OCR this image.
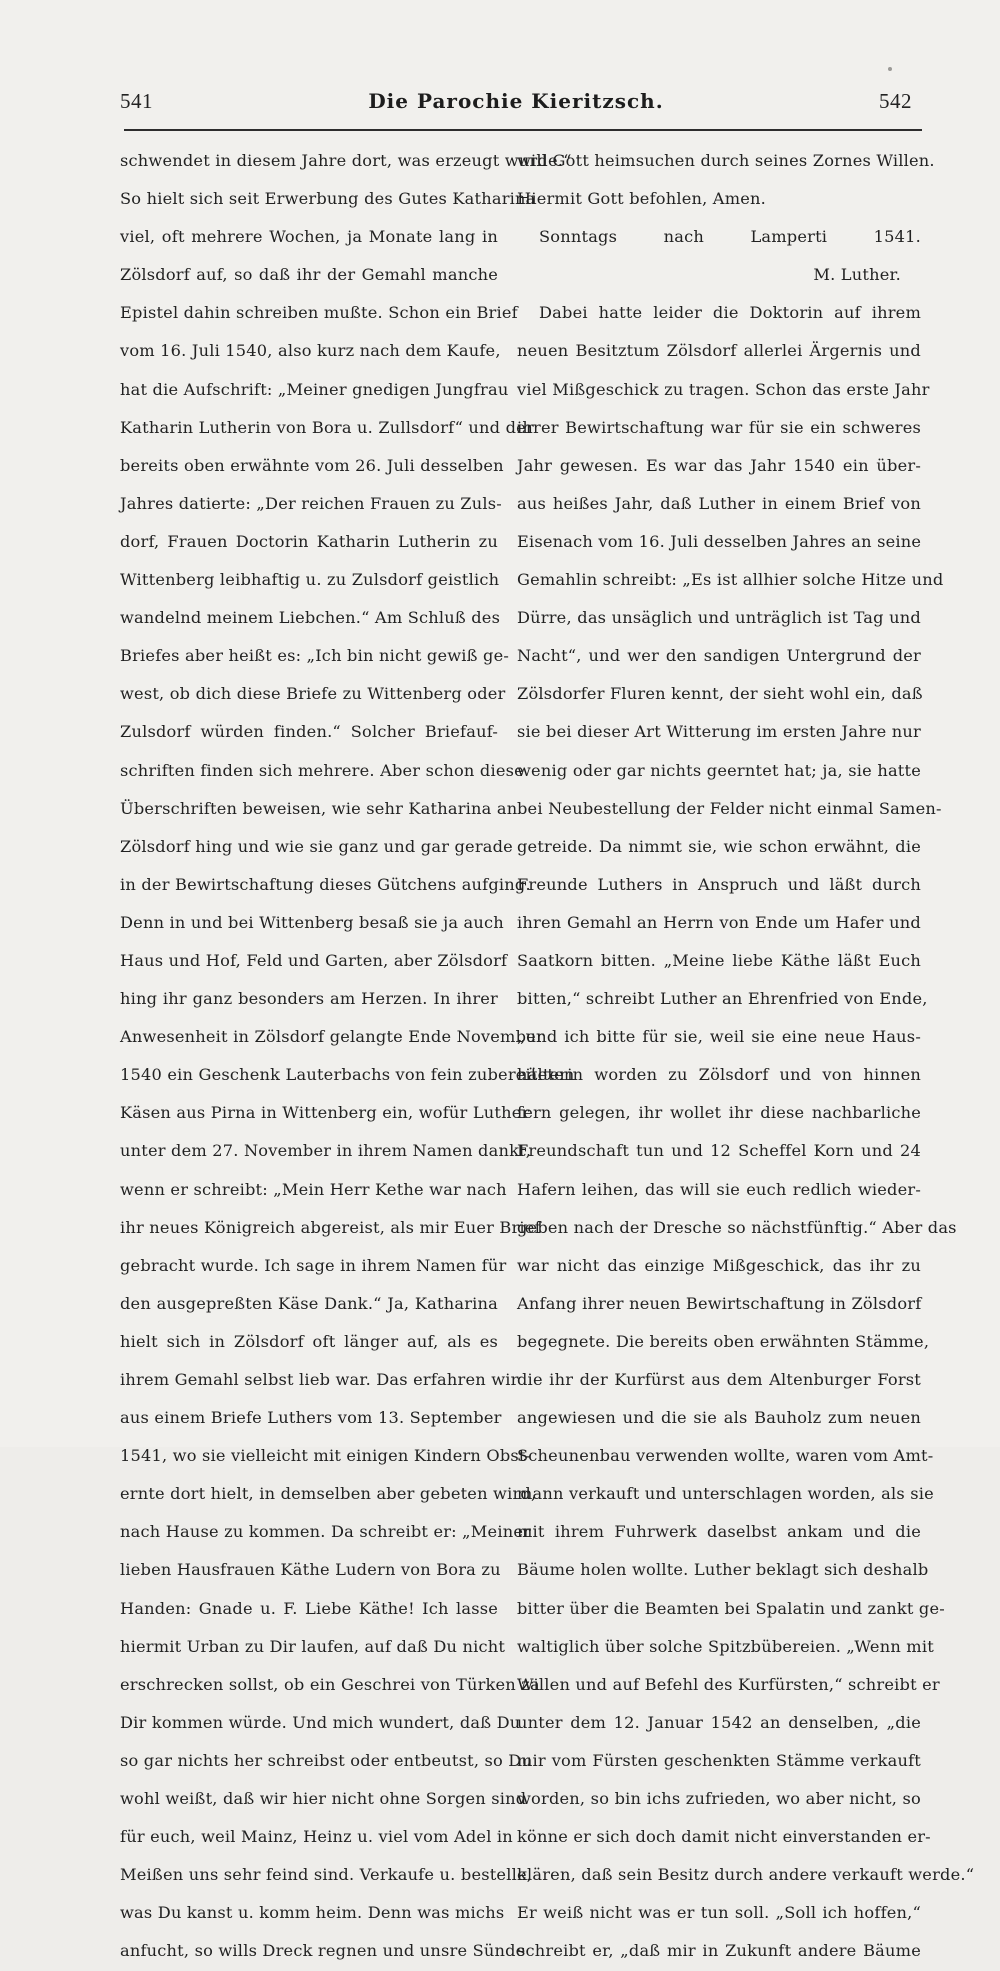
541	Die Parochie Kieritzsch.	542
schwendet in diesem Jahre dort, was erzeugt wurde.“
So hielt sich seit Erwerbung des Gutes Katharina
viel, oft mehrere Wochen, ja Monate lang in
Zölsdorf auf, so daß ihr der Gemahl manche
Epistel dahin schreiben mußte. Schon ein Brief
vom 16. Juli 1540, also kurz nach dem Kaufe,
hat die Aufschrift: „Meiner gnedigen Jungfrau
Katharin Lutherin von Bora u. Zullsdorf“ und der
bereits oben erwähnte vom 26. Juli desselben
Jahres datierte: „Der reichen Frauen zu Zuls-
dorf, Frauen Doctorin Katharin Lutherin zu
Wittenberg leibhaftig u. zu Zulsdorf geistlich
wandelnd meinem Liebchen.“ Am Schluß des
Briefes aber heißt es: „Ich bin nicht gewiß ge-
west, ob dich diese Briefe zu Wittenberg oder
Zulsdorf würden finden.“ Solcher Briefauf-
schriften finden sich mehrere. Aber schon diese
Überschriften beweisen, wie sehr Katharina an
Zölsdorf hing und wie sie ganz und gar gerade
in der Bewirtschaftung dieses Gütchens aufging.
Denn in und bei Wittenberg besaß sie ja auch
Haus und Hof, Feld und Garten, aber Zölsdorf
hing ihr ganz besonders am Herzen. In ihrer
Anwesenheit in Zölsdorf gelangte Ende November
1540 ein Geschenk Lauterbachs von fein zubereiteten
Käsen aus Pirna in Wittenberg ein, wofür Luther
unter dem 27. November in ihrem Namen dankt,
wenn er schreibt: „Mein Herr Kethe war nach
ihr neues Königreich abgereist, als mir Euer Brief
gebracht wurde. Ich sage in ihrem Namen für
den ausgepreßten Käse Dank.“ Ja, Katharina
hielt sich in Zölsdorf oft länger auf, als es
ihrem Gemahl selbst lieb war. Das erfahren wir
aus einem Briefe Luthers vom 13. September
1541, wo sie vielleicht mit einigen Kindern Obst-
ernte dort hielt, in demselben aber gebeten wird,
nach Hause zu kommen. Da schreibt er: „Meiner
lieben Hausfrauen Käthe Ludern von Bora zu
Handen: Gnade u. F. Liebe Käthe! Ich lasse
hiermit Urban zu Dir laufen, auf daß Du nicht
erschrecken sollst, ob ein Geschrei von Türken za
Dir kommen würde. Und mich wundert, daß Du
so gar nichts her schreibst oder entbeutst, so Du
wohl weißt, daß wir hier nicht ohne Sorgen sind
für euch, weil Mainz, Heinz u. viel vom Adel in
Meißen uns sehr feind sind. Verkaufe u. bestelle,
was Du kanst u. komm heim. Denn was michs
anfucht, so wills Dreck regnen und unsre Sünde
will Gott heimsuchen durch seines Zornes Willen.
Hiermit Gott befohlen, Amen.
Sonntags nach Lamperti 1541.
M. Luther.
Dabei hatte leider die Doktorin auf ihrem
neuen Besitztum Zölsdorf allerlei Ärgernis und
viel Mißgeschick zu tragen. Schon das erste Jahr
ihrer Bewirtschaftung war für sie ein schweres
Jahr gewesen. Es war das Jahr 1540 ein über-
aus heißes Jahr, daß Luther in einem Brief von
Eisenach vom 16. Juli desselben Jahres an seine
Gemahlin schreibt: „Es ist allhier solche Hitze und
Dürre, das unsäglich und unträglich ist Tag und
Nacht“, und wer den sandigen Untergrund der
Zölsdorfer Fluren kennt, der sieht wohl ein, daß
sie bei dieser Art Witterung im ersten Jahre nur
wenig oder gar nichts geerntet hat; ja, sie hatte
bei Neubestellung der Felder nicht einmal Samen-
getreide. Da nimmt sie, wie schon erwähnt, die
Freunde Luthers in Anspruch und läßt durch
ihren Gemahl an Herrn von Ende um Hafer und
Saatkorn bitten. „Meine liebe Käthe läßt Euch
bitten,“ schreibt Luther an Ehrenfried von Ende,
„und ich bitte für sie, weil sie eine neue Haus-
hälterin worden zu Zölsdorf und von hinnen
fern gelegen, ihr wollet ihr diese nachbarliche
Freundschaft tun und 12 Scheffel Korn und 24
Hafern leihen, das will sie euch redlich wieder-
geben nach der Dresche so nächstfünftig.“ Aber das
war nicht das einzige Mißgeschick, das ihr zu
Anfang ihrer neuen Bewirtschaftung in Zölsdorf
begegnete. Die bereits oben erwähnten Stämme,
die ihr der Kurfürst aus dem Altenburger Forst
angewiesen und die sie als Bauholz zum neuen
Scheunenbau verwenden wollte, waren vom Amt-
mann verkauft und unterschlagen worden, als sie
mit ihrem Fuhrwerk daselbst ankam und die
Bäume holen wollte. Luther beklagt sich deshalb
bitter über die Beamten bei Spalatin und zankt ge-
waltiglich über solche Spitzbübereien. „Wenn mit
Willen und auf Befehl des Kurfürsten,“ schreibt er
unter dem 12. Januar 1542 an denselben, „die
mir vom Fürsten geschenkten Stämme verkauft
worden, so bin ichs zufrieden, wo aber nicht, so
könne er sich doch damit nicht einverstanden er-
klären, daß sein Besitz durch andere verkauft werde.“
Er weiß nicht was er tun soll. „Soll ich hoffen,“
schreibt er, „daß mir in Zukunft andere Bäume
